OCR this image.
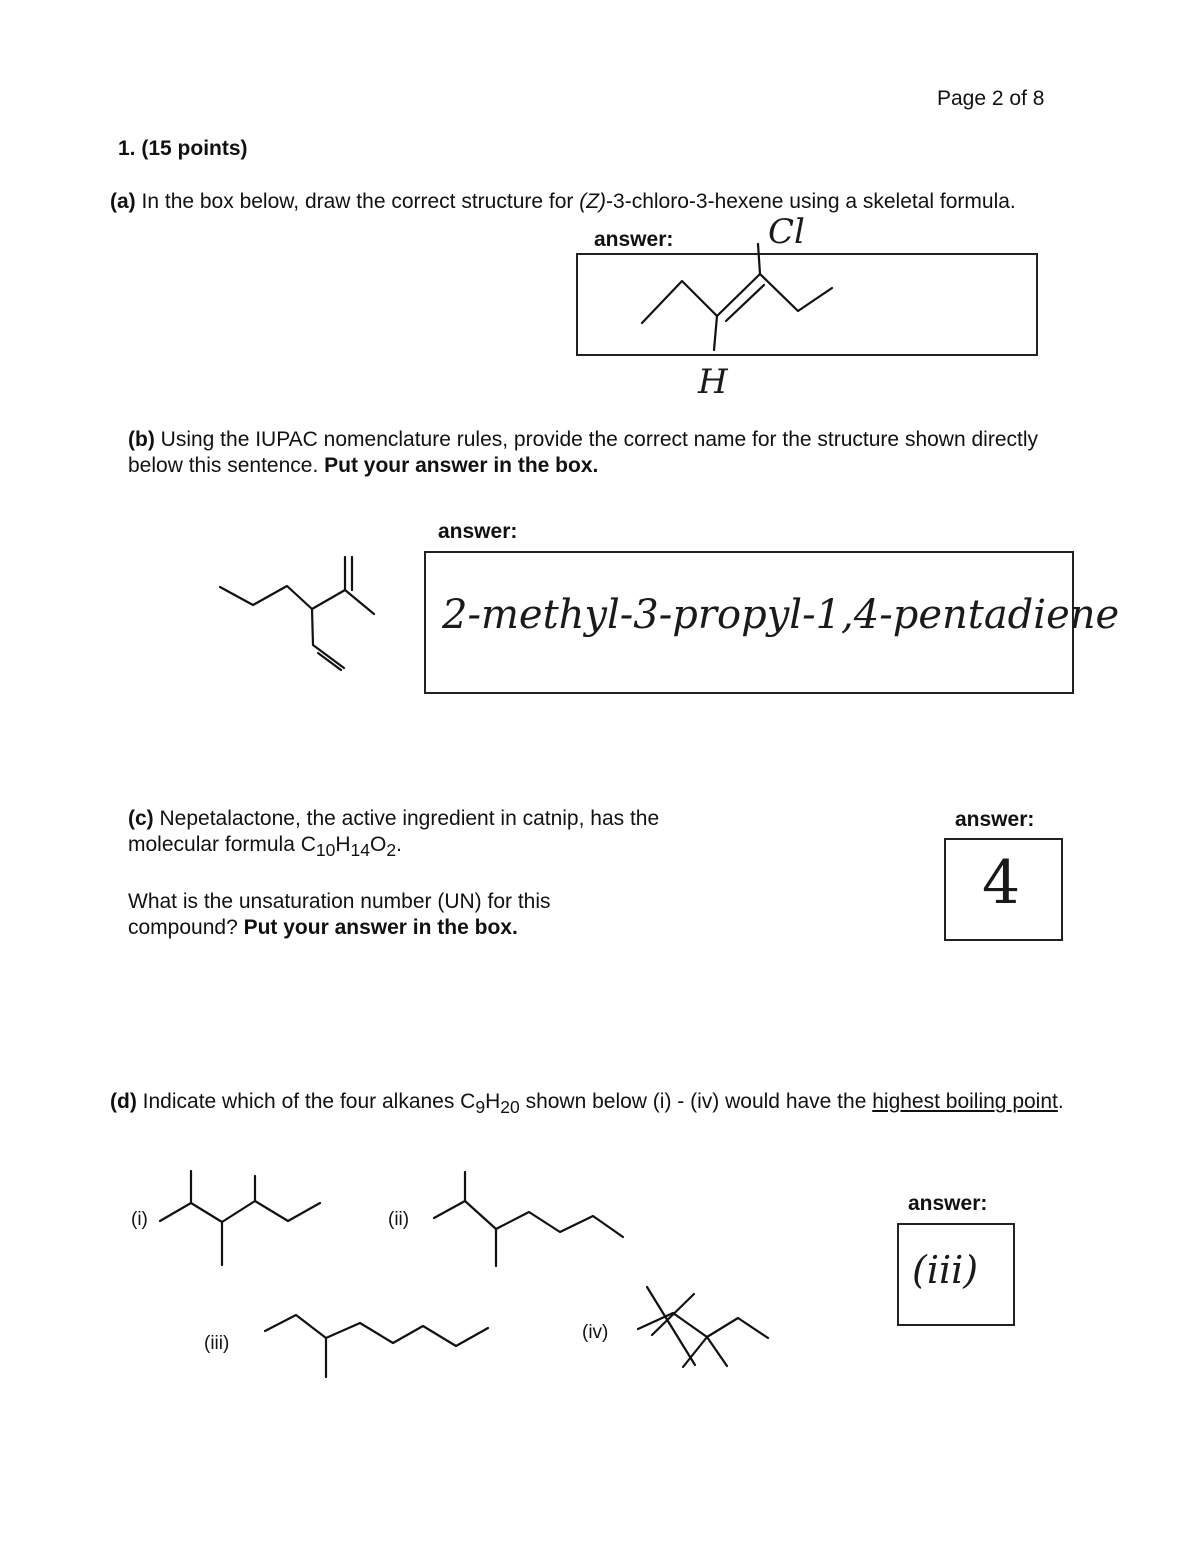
Page 2 of 8
1. (15 points)
(a) In the box below, draw the correct structure for (Z)-3-chloro-3-hexene using a skeletal formula.
answer:	Cl
H
(b) Using the IUPAC nomenclature rules, provide the correct name for the structure shown directly below this sentence. Put your answer in the box.
answer:
2-methyl-3-propyl-1,4-pentadiene
(c) Nepetalactone, the active ingredient in catnip, has the molecular formula $C_{10}H_{14}O_2$.
What is the unsaturation number (UN) for this compound? Put your answer in the box.
answer:
4
(d) Indicate which of the four alkanes $C_9H_{20}$ shown below (i) - (iv) would have the highest boiling point.
(i)	(ii)
(iii)
(iv)
answer:
(iii)
